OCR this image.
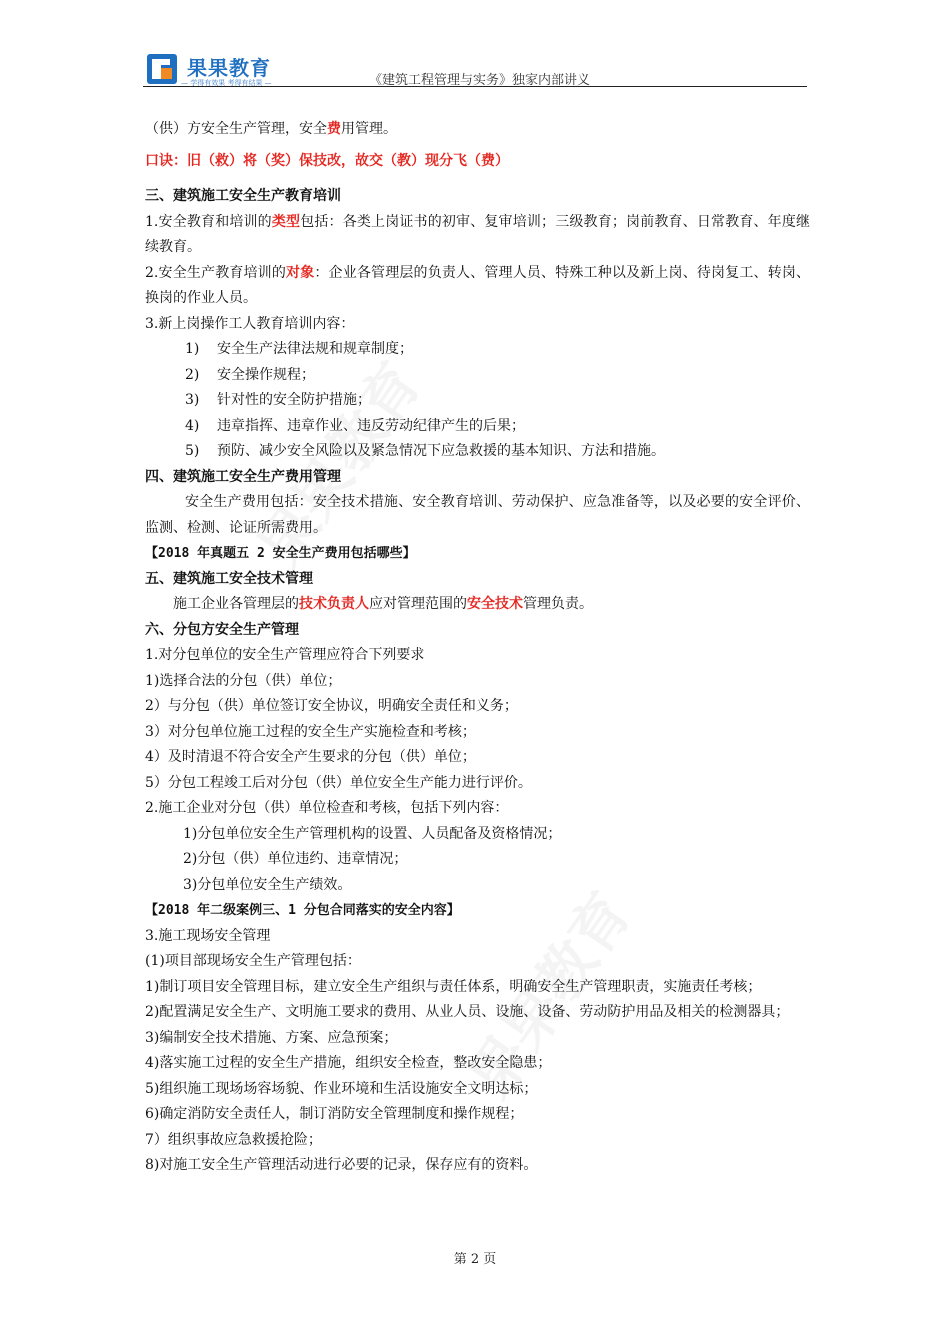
果果教育
— 学得有效果 考得有结果 —	《建筑工程管理与实务》独家内部讲义

（供）方安全生产管理，安全费用管理。

口诀：旧（救）将（奖）保技改，故交（教）现分飞（费）

三、建筑施工安全生产教育培训

1.安全教育和培训的类型包括：各类上岗证书的初审、复审培训；三级教育；岗前教育、日常教育、年度继续教育。

2.安全生产教育培训的对象：企业各管理层的负责人、管理人员、特殊工种以及新上岗、待岗复工、转岗、换岗的作业人员。

3.新上岗操作工人教育培训内容：

1) 安全生产法律法规和规章制度；

2) 安全操作规程；

3) 针对性的安全防护措施；

4) 违章指挥、违章作业、违反劳动纪律产生的后果；

5) 预防、减少安全风险以及紧急情况下应急救援的基本知识、方法和措施。

四、建筑施工安全生产费用管理

安全生产费用包括：安全技术措施、安全教育培训、劳动保护、应急准备等，以及必要的安全评价、监测、检测、论证所需费用。

【2018 年真题五 2 安全生产费用包括哪些】

五、建筑施工安全技术管理

施工企业各管理层的技术负责人应对管理范围的安全技术管理负责。

六、分包方安全生产管理

1.对分包单位的安全生产管理应符合下列要求

1)选择合法的分包（供）单位；

2）与分包（供）单位签订安全协议，明确安全责任和义务；

3）对分包单位施工过程的安全生产实施检查和考核；

4）及时清退不符合安全产生要求的分包（供）单位；

5）分包工程竣工后对分包（供）单位安全生产能力进行评价。

2.施工企业对分包（供）单位检查和考核，包括下列内容：

1)分包单位安全生产管理机构的设置、人员配备及资格情况；

2)分包（供）单位违约、违章情况；

3)分包单位安全生产绩效。

【2018 年二级案例三、1 分包合同落实的安全内容】

3.施工现场安全管理

(1)项目部现场安全生产管理包括：

1)制订项目安全管理目标，建立安全生产组织与责任体系，明确安全生产管理职责，实施责任考核；

2)配置满足安全生产、文明施工要求的费用、从业人员、设施、设备、劳动防护用品及相关的检测器具；

3)编制安全技术措施、方案、应急预案；

4)落实施工过程的安全生产措施，组织安全检查，整改安全隐患；

5)组织施工现场场容场貌、作业环境和生活设施安全文明达标；

6)确定消防安全责任人，制订消防安全管理制度和操作规程；

7）组织事故应急救援抢险；

8)对施工安全生产管理活动进行必要的记录，保存应有的资料。

第 2 页
